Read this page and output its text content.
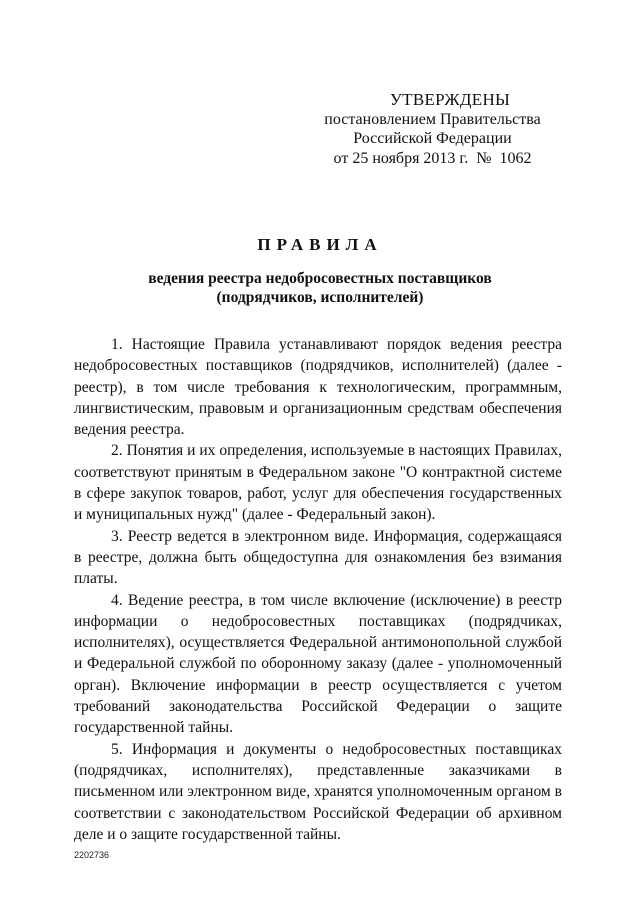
УТВЕРЖДЕНЫ
постановлением Правительства
Российской Федерации
от 25 ноября 2013 г.  №  1062
ПРАВИЛА
ведения реестра недобросовестных поставщиков
(подрядчиков, исполнителей)

1. Настоящие Правила устанавливают порядок ведения реестра недобросовестных поставщиков (подрядчиков, исполнителей) (далее - реестр), в том числе требования к технологическим, программным, лингвистическим, правовым и организационным средствам обеспечения ведения реестра.

2. Понятия и их определения, используемые в настоящих Правилах, соответствуют принятым в Федеральном законе "О контрактной системе в сфере закупок товаров, работ, услуг для обеспечения государственных и муниципальных нужд" (далее - Федеральный закон).

3. Реестр ведется в электронном виде. Информация, содержащаяся в реестре, должна быть общедоступна для ознакомления без взимания платы.

4. Ведение реестра, в том числе включение (исключение) в реестр информации о недобросовестных поставщиках (подрядчиках, исполнителях), осуществляется Федеральной антимонопольной службой и Федеральной службой по оборонному заказу (далее - уполномоченный орган). Включение информации в реестр осуществляется с учетом требований законодательства Российской Федерации о защите государственной тайны.

5. Информация и документы о недобросовестных поставщиках (подрядчиках, исполнителях), представленные заказчиками в письменном или электронном виде, хранятся уполномоченным органом в соответствии с законодательством Российской Федерации об архивном деле и о защите государственной тайны.

2202736
